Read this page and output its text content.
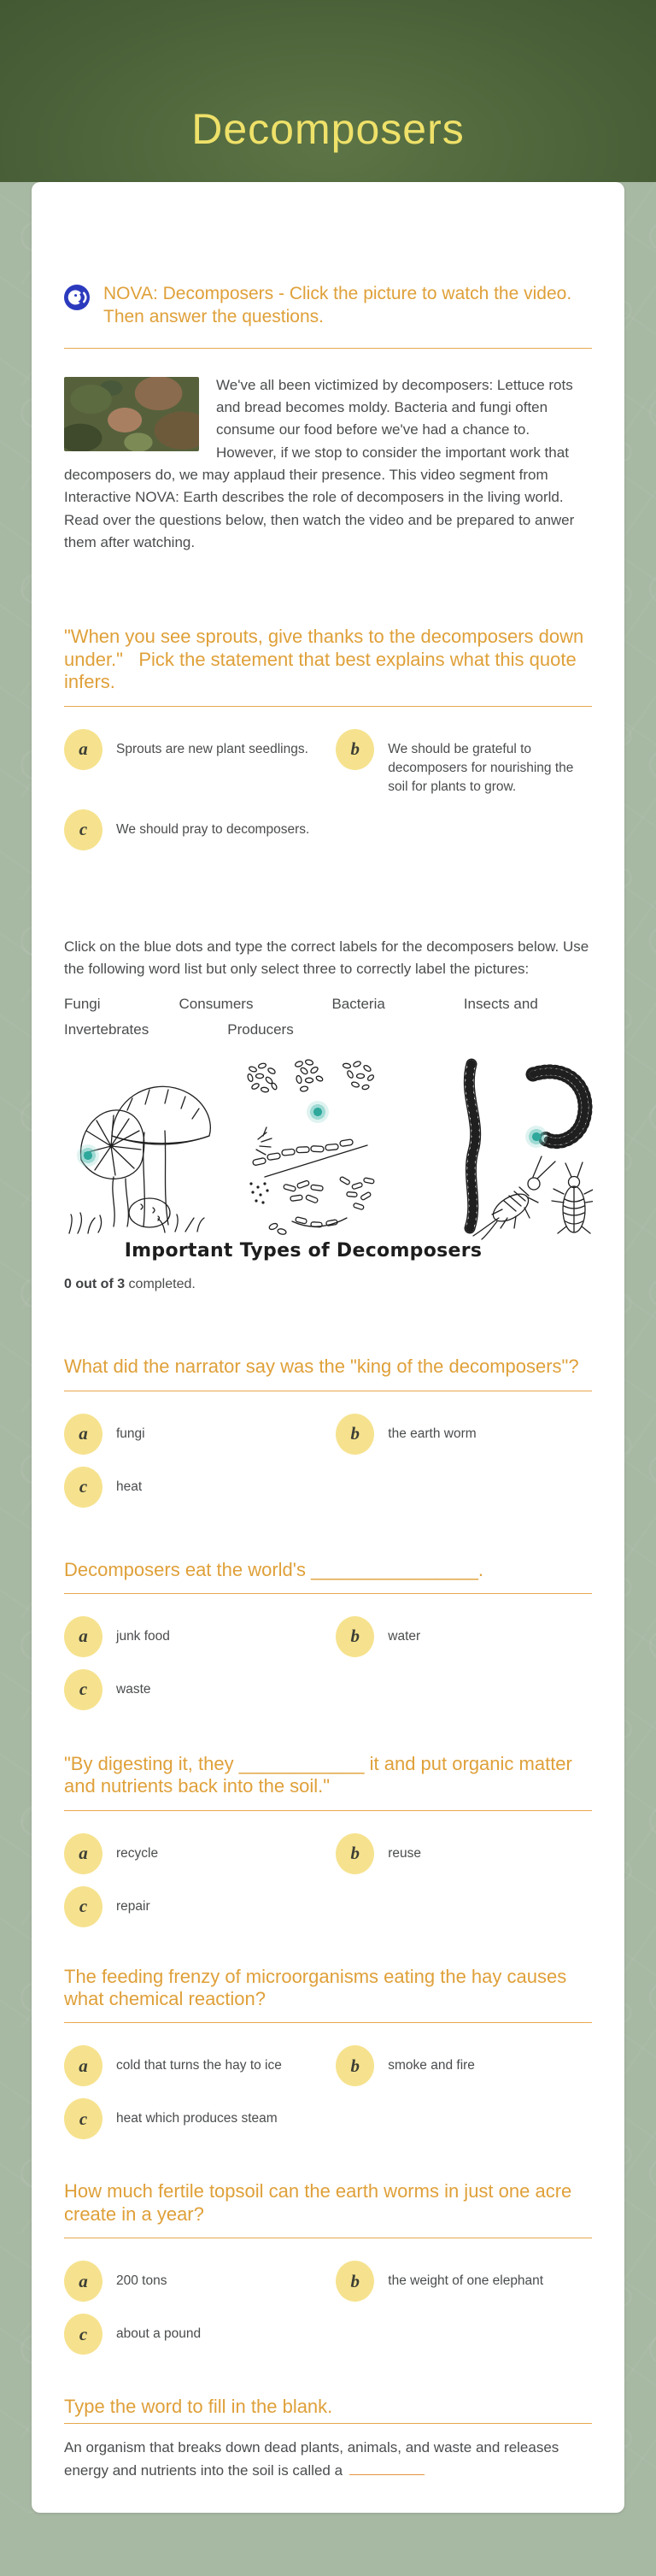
Decomposers
NOVA: Decomposers - Click the picture to watch the video. Then answer the questions.

We've all been victimized by decomposers: Lettuce rots and bread becomes moldy. Bacteria and fungi often consume our food before we've had a chance to. However, if we stop to consider the important work that decomposers do, we may applaud their presence. This video segment from Interactive NOVA: Earth describes the role of decomposers in the living world. Read over the questions below, then watch the video and be prepared to anwer them after watching.

"When you see sprouts, give thanks to the decomposers down under."   Pick the statement that best explains what this quote infers.
a	Sprouts are new plant seedlings.	b	We should be grateful to decomposers for nourishing the soil for plants to grow.
c	We should pray to decomposers.

Click on the blue dots and type the correct labels for the decomposers below. Use the following word list but only select three to correctly label the pictures:

Fungi	Consumers	Bacteria	Insects and Invertebrates	Producers

Important Types of Decomposers

0 out of 3 completed.

What did the narrator say was the "king of the decomposers"?
a	fungi	b	the earth worm
c	heat
Decomposers eat the world's ________________.
a	junk food	b	water
c	waste
"By digesting it, they ____________ it and put organic matter and nutrients back into the soil."
a	recycle	b	reuse
c	repair
The feeding frenzy of microorganisms eating the hay causes what chemical reaction?
a	cold that turns the hay to ice	b	smoke and fire
c	heat which produces steam
How much fertile topsoil can the earth worms in just one acre create in a year?
a	200 tons	b	the weight of one elephant
c	about a pound
Type the word to fill in the blank.

An organism that breaks down dead plants, animals, and waste and releases energy and nutrients into the soil is called a
